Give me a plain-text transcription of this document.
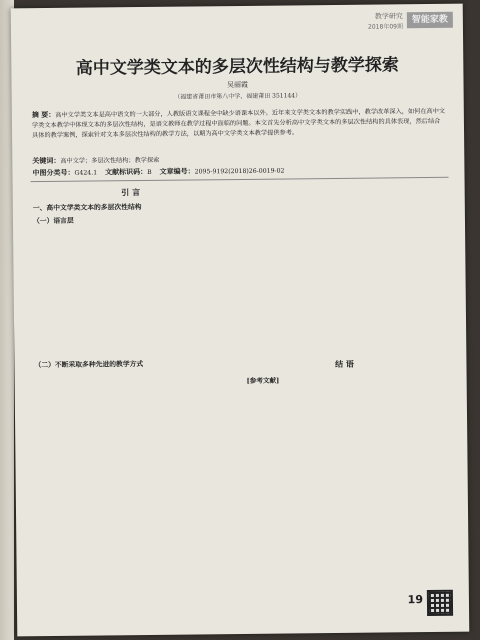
教学研究
2018年09期
智能家教
高中文学类文本的多层次性结构与教学探索
吴丽霞
（福建省莆田市第八中学，福建莆田 351144）
摘 要：高中文学类文本是高中语文的一大部分，人教版语文课程全中缺少语课本以外。近年来文学类文本的教学实践中，教学改革深入，如何在高中文学类文本教学中体现文本的多层次性结构，是语文教师在教学过程中面临的问题。本文首先分析高中文学类文本的多层次性结构的具体表现，然后结合具体的教学案例，探索针对文本多层次性结构的教学方法，以期为高中文学类文本教学提供参考。
关键词：高中文学；多层次性结构；教学探索
中图分类号：G424.1 文献标识码：B 文章编号：2095-9192(2018)26-0019-02
引 言
一、高中文学类文本的多层次性结构
（一）语言层
（二）不断采取多种先进的教学方式	结 语
[参考文献]
19
